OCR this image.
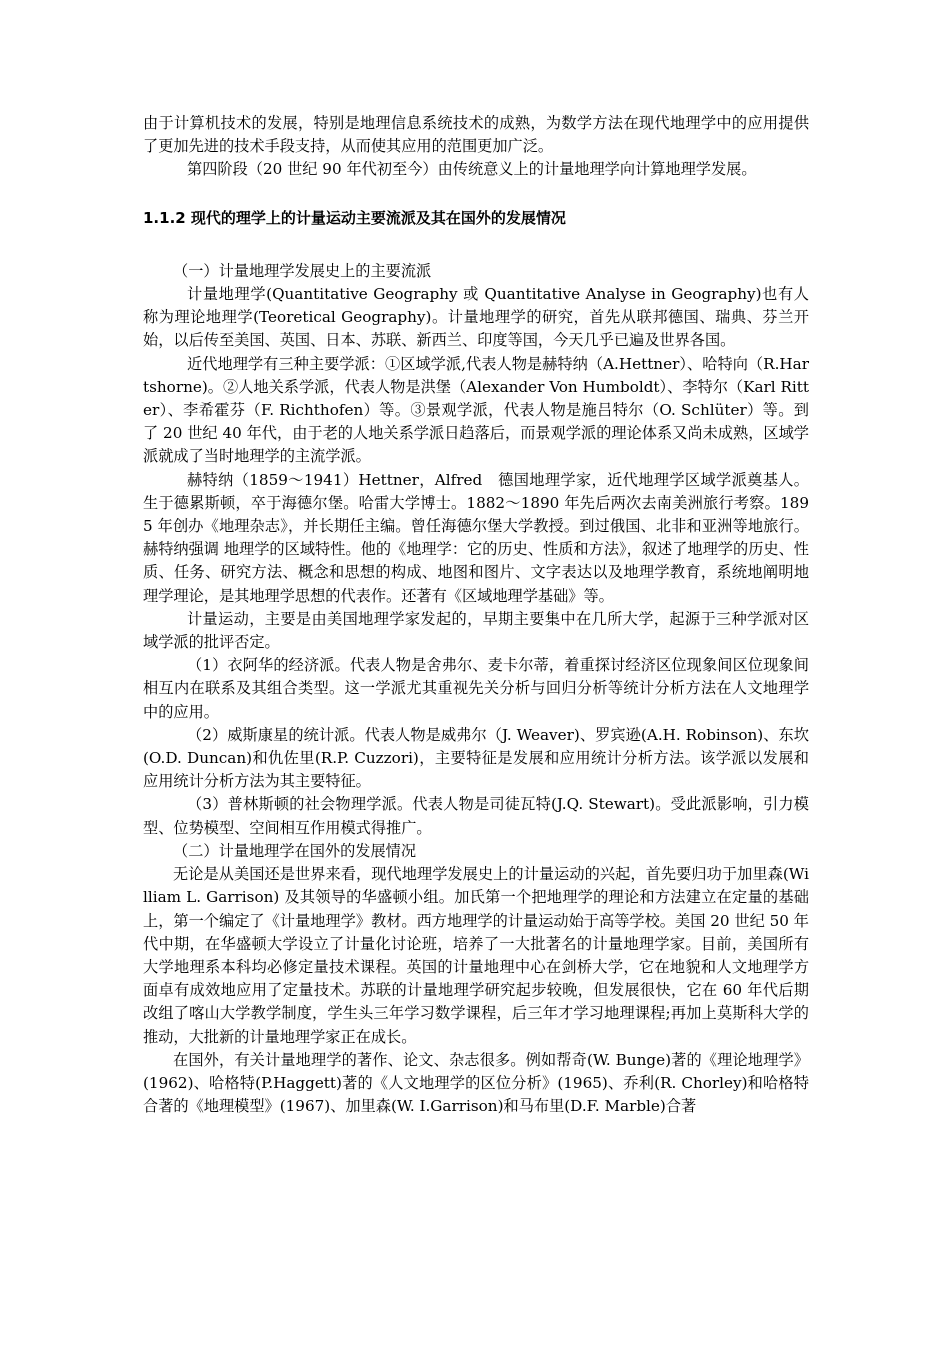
由于计算机技术的发展，特别是地理信息系统技术的成熟，为数学方法在现代地理学中的应用提供了更加先进的技术手段支持，从而使其应用的范围更加广泛。

第四阶段（20 世纪 90 年代初至今）由传统意义上的计量地理学向计算地理学发展。

1.1.2 现代的理学上的计量运动主要流派及其在国外的发展情况

（一）计量地理学发展史上的主要流派

计量地理学(Quantitative Geography 或 Quantitative Analyse in Geography)也有人称为理论地理学(Teoretical Geography)。计量地理学的研究，首先从联邦德国、瑞典、芬兰开始，以后传至美国、英国、日本、苏联、新西兰、印度等国，今天几乎已遍及世界各国。

近代地理学有三种主要学派：①区域学派,代表人物是赫特纳（A.Hettner）、哈特向（R.Hartshorne)。②人地关系学派，代表人物是洪堡（Alexander Von Humboldt）、李特尔（Karl Ritter）、李希霍芬（F. Richthofen）等。③景观学派，代表人物是施吕特尔（O. Schlüter）等。到了 20 世纪 40 年代，由于老的人地关系学派日趋落后，而景观学派的理论体系又尚未成熟，区域学派就成了当时地理学的主流学派。

赫特纳（1859～1941）Hettner，Alfred　德国地理学家，近代地理学区域学派奠基人。生于德累斯顿，卒于海德尔堡。哈雷大学博士。1882～1890 年先后两次去南美洲旅行考察。1895 年创办《地理杂志》，并长期任主编。曾任海德尔堡大学教授。到过俄国、北非和亚洲等地旅行。赫特纳强调 地理学的区域特性。他的《地理学：它的历史、性质和方法》，叙述了地理学的历史、性质、任务、研究方法、概念和思想的构成、地图和图片、文字表达以及地理学教育，系统地阐明地理学理论，是其地理学思想的代表作。还著有《区域地理学基础》等。

计量运动，主要是由美国地理学家发起的，早期主要集中在几所大学，起源于三种学派对区域学派的批评否定。

（1）衣阿华的经济派。代表人物是舍弗尔、麦卡尔蒂，着重探讨经济区位现象间区位现象间相互内在联系及其组合类型。这一学派尤其重视先关分析与回归分析等统计分析方法在人文地理学中的应用。

（2）威斯康星的统计派。代表人物是威弗尔（J. Weaver)、罗宾逊(A.H. Robinson)、东坎(O.D. Duncan)和仇佐里(R.P. Cuzzori)，主要特征是发展和应用统计分析方法。该学派以发展和应用统计分析方法为其主要特征。

（3）普林斯顿的社会物理学派。代表人物是司徒瓦特(J.Q. Stewart)。受此派影响，引力模型、位势模型、空间相互作用模式得推广。

（二）计量地理学在国外的发展情况

无论是从美国还是世界来看，现代地理学发展史上的计量运动的兴起，首先要归功于加里森(William L. Garrison) 及其领导的华盛顿小组。加氏第一个把地理学的理论和方法建立在定量的基础上，第一个编定了《计量地理学》教材。西方地理学的计量运动始于高等学校。美国 20 世纪 50 年代中期，在华盛顿大学设立了计量化讨论班，培养了一大批著名的计量地理学家。目前，美国所有大学地理系本科均必修定量技术课程。英国的计量地理中心在剑桥大学，它在地貌和人文地理学方面卓有成效地应用了定量技术。苏联的计量地理学研究起步较晚，但发展很快，它在 60 年代后期改组了喀山大学教学制度，学生头三年学习数学课程，后三年才学习地理课程;再加上莫斯科大学的推动，大批新的计量地理学家正在成长。

在国外，有关计量地理学的著作、论文、杂志很多。例如帮奇(W. Bunge)著的《理论地理学》(1962)、哈格特(P.Haggett)著的《人文地理学的区位分析》(1965)、乔利(R. Chorley)和哈格特合著的《地理模型》(1967)、加里森(W. I.Garrison)和马布里(D.F. Marble)合著
